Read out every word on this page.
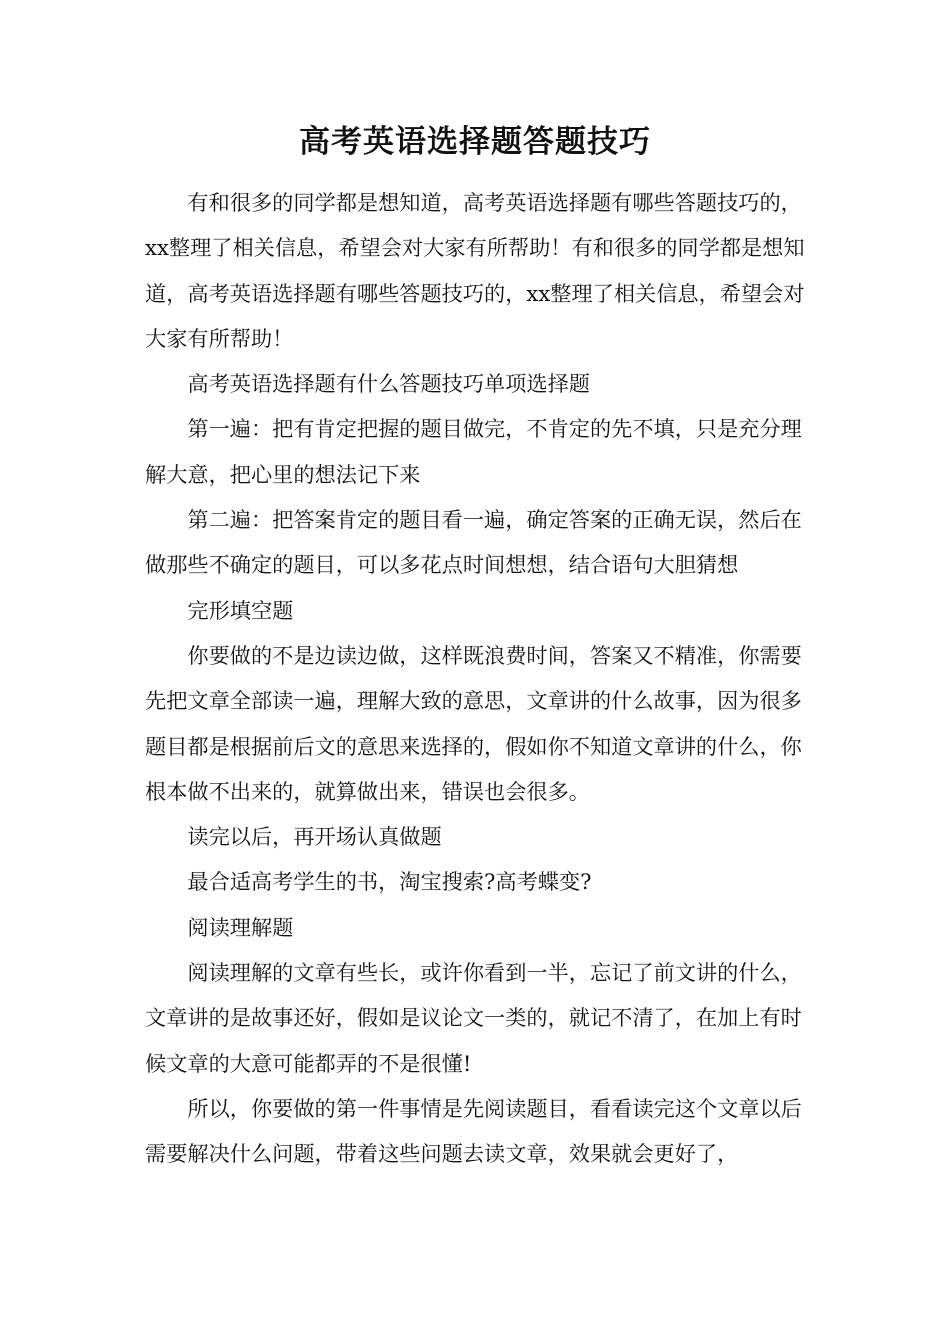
高考英语选择题答题技巧

有和很多的同学都是想知道，高考英语选择题有哪些答题技巧的，xx整理了相关信息，希望会对大家有所帮助！有和很多的同学都是想知道，高考英语选择题有哪些答题技巧的，xx整理了相关信息，希望会对大家有所帮助！

高考英语选择题有什么答题技巧单项选择题

第一遍：把有肯定把握的题目做完，不肯定的先不填，只是充分理解大意，把心里的想法记下来

第二遍：把答案肯定的题目看一遍，确定答案的正确无误，然后在做那些不确定的题目，可以多花点时间想想，结合语句大胆猜想

完形填空题

你要做的不是边读边做，这样既浪费时间，答案又不精准，你需要先把文章全部读一遍，理解大致的意思，文章讲的什么故事，因为很多题目都是根据前后文的意思来选择的，假如你不知道文章讲的什么，你根本做不出来的，就算做出来，错误也会很多。

读完以后，再开场认真做题

最合适高考学生的书，淘宝搜索?高考蝶变?

阅读理解题

阅读理解的文章有些长，或许你看到一半，忘记了前文讲的什么，文章讲的是故事还好，假如是议论文一类的，就记不清了，在加上有时候文章的大意可能都弄的不是很懂!

所以，你要做的第一件事情是先阅读题目，看看读完这个文章以后需要解决什么问题，带着这些问题去读文章，效果就会更好了，
